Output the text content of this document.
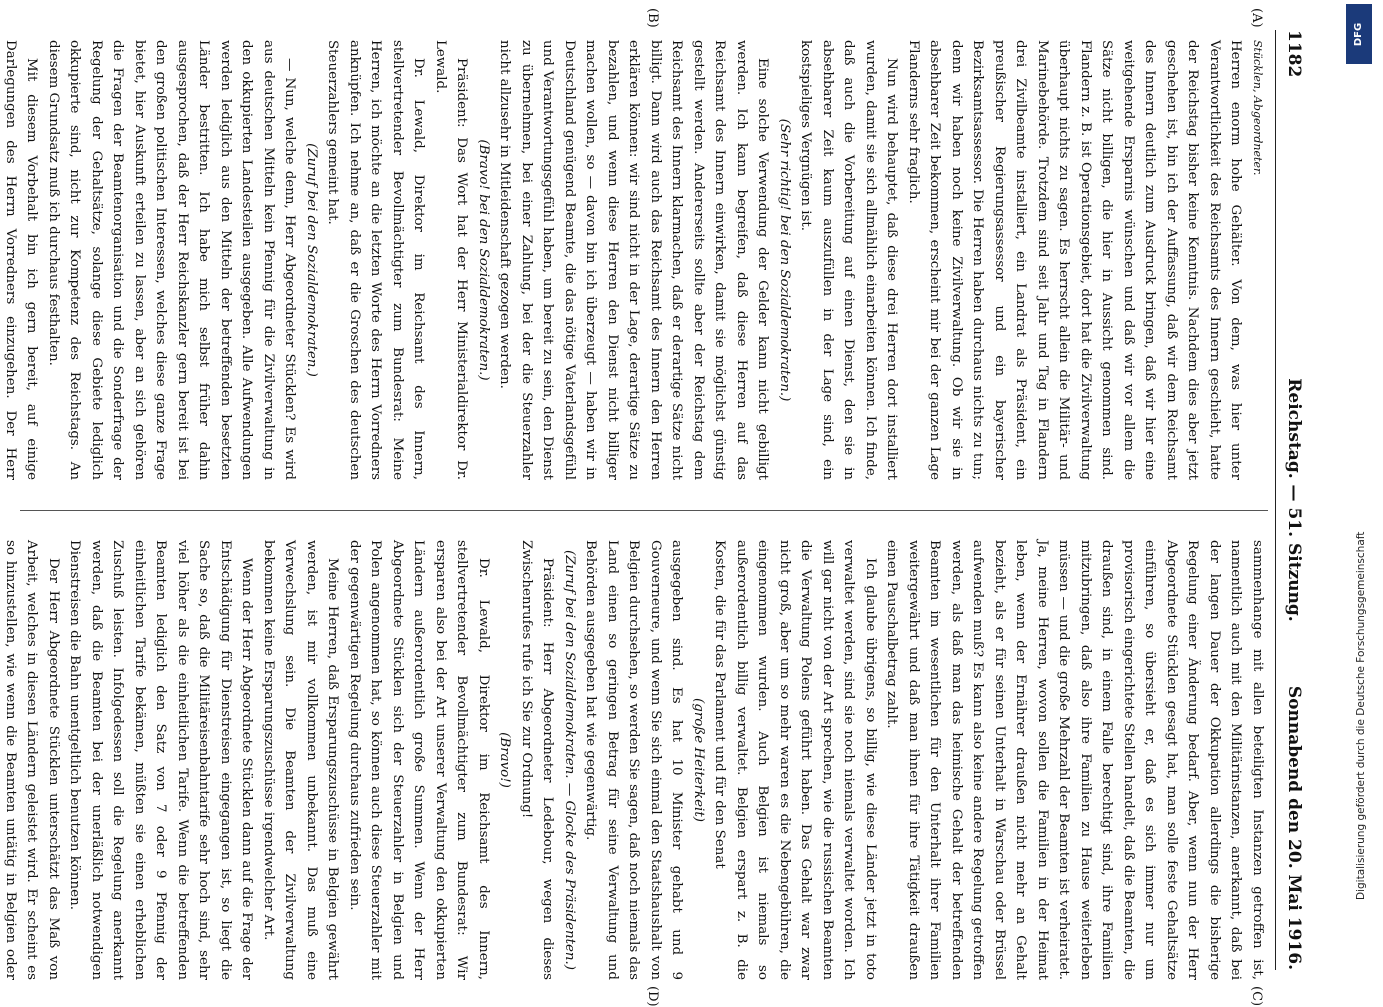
1182
Reichstag. — 51. Sitzung.
Sonnabend den 20. Mai 1916.
(A)
(B)
(C)
(D)

Stücklen, Abgeordneter.

Herren enorm hohe Gehälter. Von dem, was hier unter Verantwortlichkeit des Reichsamts des Innern geschieht, hatte der Reichstag bisher keine Kenntnis. Nachdem dies aber jetzt geschehen ist, bin ich der Auffassung, daß wir dem Reichsamt des Innern deutlich zum Ausdruck bringen, daß wir hier eine weitgehende Ersparnis wünschen und daß wir vor allem die Sätze nicht billigen, die hier in Aussicht genommen sind. Flandern z. B. ist Operationsgebiet, dort hat die Zivilverwaltung überhaupt nichts zu sagen. Es herrscht allein die Militär- und Marinebehörde. Trotzdem sind seit Jahr und Tag in Flandern drei Zivilbeamte installiert, ein Landrat als Präsident, ein preußischer Regierungsassessor und ein bayerischer Bezirksamtsassessor. Die Herren haben durchaus nichts zu tun; denn wir haben noch keine Zivilverwaltung. Ob wir sie in absehbarer Zeit bekommen, erscheint mir bei der ganzen Lage Flanderns sehr fraglich.

Nun wird behauptet, daß diese drei Herren dort installiert wurden, damit sie sich allmählich einarbeiten können. Ich finde, daß auch die Vorbereitung auf einen Dienst, den sie in absehbarer Zeit kaum auszufüllen in der Lage sind, ein kostspieliges Vergnügen ist.

(Sehr richtig! bei den Sozialdemokraten.)

Eine solche Verwendung der Gelder kann nicht gebilligt werden. Ich kann begreifen, daß diese Herren auf das Reichsamt des Innern einwirken, damit sie möglichst günstig gestellt werden. Andererseits sollte aber der Reichstag dem Reichsamt des Innern klarmachen, daß er derartige Sätze nicht billigt. Dann wird auch das Reichsamt des Innern den Herren erklären können: wir sind nicht in der Lage, derartige Sätze zu bezahlen, und wenn diese Herren den Dienst nicht billiger machen wollen, so — davon bin ich überzeugt — haben wir in Deutschland genügend Beamte, die das nötige Vaterlandsgefühl und Verantwortungsgefühl haben, um bereit zu sein, den Dienst zu übernehmen, bei einer Zahlung, bei der die Steuerzahler nicht allzusehr in Mitleidenschaft gezogen werden.

(Bravo! bei den Sozialdemokraten.)

Präsident: Das Wort hat der Herr Ministerialdirektor Dr. Lewald.

Dr. Lewald, Direktor im Reichsamt des Innern, stellvertretender Bevollmächtigter zum Bundesrat: Meine Herren, ich möchte an die letzten Worte des Herrn Vorredners anknüpfen. Ich nehme an, daß er die Groschen des deutschen Steuerzahlers gemeint hat.

(Zuruf bei den Sozialdemokraten.)

— Nun, welche denn, Herr Abgeordneter Stücklen? Es wird aus deutschen Mitteln kein Pfennig für die Zivilverwaltung in den okkupierten Landesteilen ausgegeben. Alle Aufwendungen werden lediglich aus den Mitteln der betreffenden besetzten Länder bestritten. Ich habe mich selbst früher dahin ausgesprochen, daß der Herr Reichskanzler gern bereit ist bei den großen politischen Interessen, welches diese ganze Frage bietet, hier Auskunft erteilen zu lassen, aber an sich gehören die Fragen der Beamtenorganisation und die Sonderfrage der Regelung der Gehaltsätze, solange diese Gebiete lediglich okkupierte sind, nicht zur Kompetenz des Reichstags. An diesem Grundsatz muß ich durchaus festhalten.

Mit diesem Vorbehalt bin ich gern bereit, auf einige Darlegungen des Herrn Vorredners einzugehen. Der Herr

sammenhange mit allen beteiligten Instanzen getroffen ist, namentlich auch mit den Militärinstanzen, anerkannt, daß bei der langen Dauer der Okkupation allerdings die bisherige Regelung einer Änderung bedarf. Aber, wenn nun der Herr Abgeordnete Stücklen gesagt hat, man solle feste Gehaltsätze einführen, so übersieht er, daß es sich immer nur um provisorisch eingerichtete Stellen handelt, daß die Beamten, die draußen sind, in einem Falle berechtigt sind, ihre Familien mitzubringen, daß also ihre Familien zu Hause weiterleben müssen — und die große Mehrzahl der Beamten ist verheiratet. Ja, meine Herren, wovon sollen die Familien in der Heimat leben, wenn der Ernährer draußen nicht mehr an Gehalt bezieht, als er für seinen Unterhalt in Warschau oder Brüssel aufwenden muß? Es kann also keine andere Regelung getroffen werden, als daß man das heimische Gehalt der betreffenden Beamten im wesentlichen für den Unterhalt ihrer Familien weitergewährt und daß man ihnen für ihre Tätigkeit draußen einen Pauschalbetrag zahlt.

Ich glaube übrigens, so billig, wie diese Länder jetzt in toto verwaltet werden, sind sie noch niemals verwaltet worden. Ich will gar nicht von der Art sprechen, wie die russischen Beamten die Verwaltung Polens geführt haben. Das Gehalt war zwar nicht groß, aber um so mehr waren es die Nebengebühren, die eingenommen wurden. Auch Belgien ist niemals so außerordentlich billig verwaltet. Belgien erspart z. B. die Kosten, die für das Parlament und für den Senat

(große Heiterkeit)

ausgegeben sind. Es hat 10 Minister gehabt und 9 Gouverneure, und wenn Sie sich einmal den Staatshaushalt von Belgien durchsehen, so werden Sie sagen, daß noch niemals das Land einen so geringen Betrag für seine Verwaltung und Behörden ausgegeben hat wie gegenwärtig.

(Zuruf bei den Sozialdemokraten. — Glocke des Präsidenten.)

Präsident: Herr Abgeordneter Ledebour, wegen dieses Zwischenrufes rufe ich Sie zur Ordnung!

(Bravo!)

Dr. Lewald, Direktor im Reichsamt des Innern, stellvertretender Bevollmächtigter zum Bundesrat: Wir ersparen also bei der Art unserer Verwaltung den okkupierten Ländern außerordentlich große Summen. Wenn der Herr Abgeordnete Stücklen sich der Steuerzahler in Belgien und Polen angenommen hat, so können auch diese Steuerzahler mit der gegenwärtigen Regelung durchaus zufrieden sein.

Meine Herren, daß Ersparungszuschüsse in Belgien gewährt werden, ist mir vollkommen unbekannt. Das muß eine Verwechslung sein. Die Beamten der Zivilverwaltung bekommen keine Ersparungszuschüsse irgendwelcher Art.

Wenn der Herr Abgeordnete Stücklen dann auf die Frage der Entschädigung für Dienstreisen eingegangen ist, so liegt die Sache so, daß die Militäreisenbahntarife sehr hoch sind, sehr viel höher als die einheitlichen Tarife. Wenn die betreffenden Beamten lediglich den Satz von 7 oder 9 Pfennig der einheitlichen Tarife bekämen, müßten sie einen erheblichen Zuschuß leisten. Infolgedessen soll die Regelung anerkannt werden, daß die Beamten bei der unerläßlich notwendigen Dienstreisen die Bahn unentgeltlich benutzen können.

Der Herr Abgeordnete Stücklen unterschätzt das Maß von Arbeit, welches in diesen Ländern geleistet wird. Er scheint es so hinzustellen, wie wenn die Beamten untätig in Belgien oder

DFG
Digitalisierung gefördert durch die Deutsche Forschungsgemeinschaft
